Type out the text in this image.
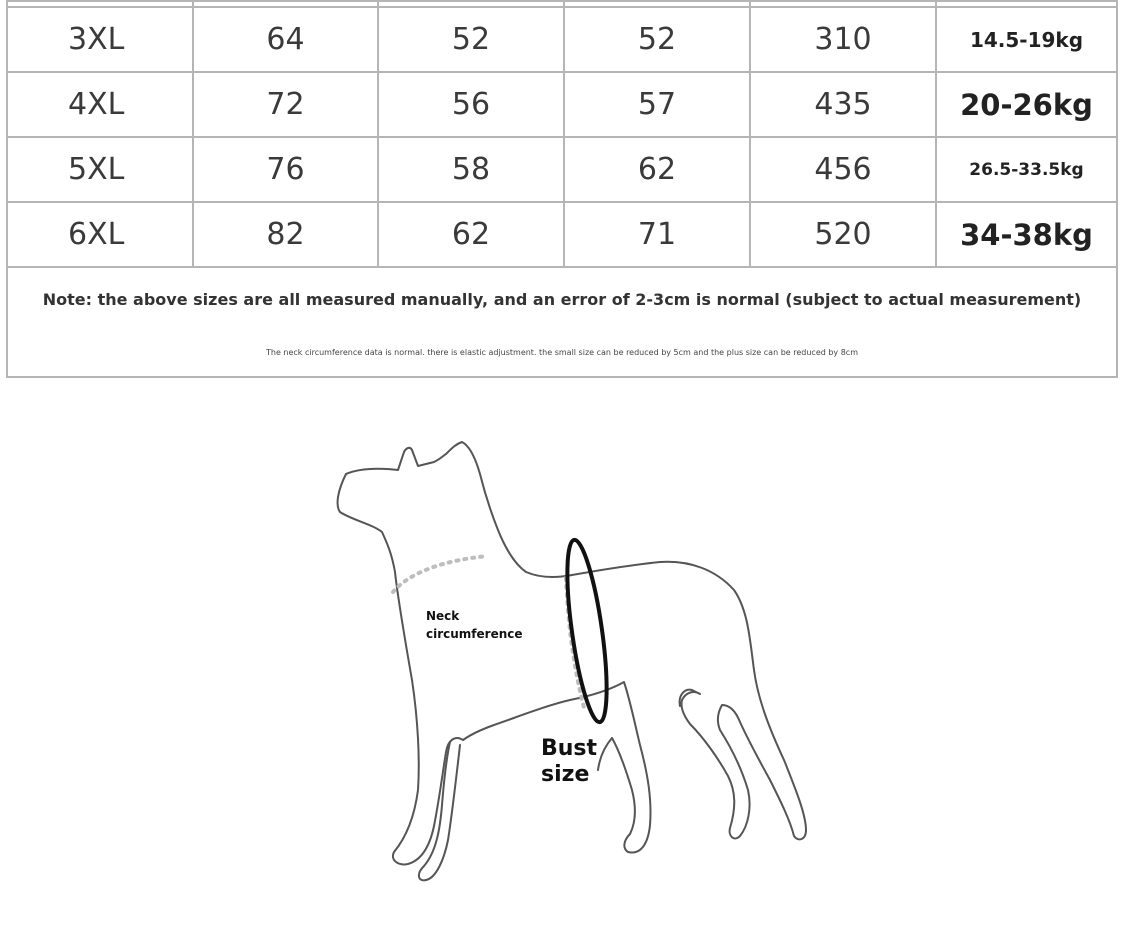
3XL	64	52	52	310	14.5-19kg
4XL	72	56	57	435	20-26kg
5XL	76	58	62	456	26.5-33.5kg
6XL	82	62	71	520	34-38kg
Note: the above sizes are all measured manually, and an error of 2-3cm is normal (subject to actual measurement)
The neck circumference data is normal. there is elastic adjustment. the small size can be reduced by 5cm and the plus size can be reduced by 8cm
Neck
circumference
Bust
size
